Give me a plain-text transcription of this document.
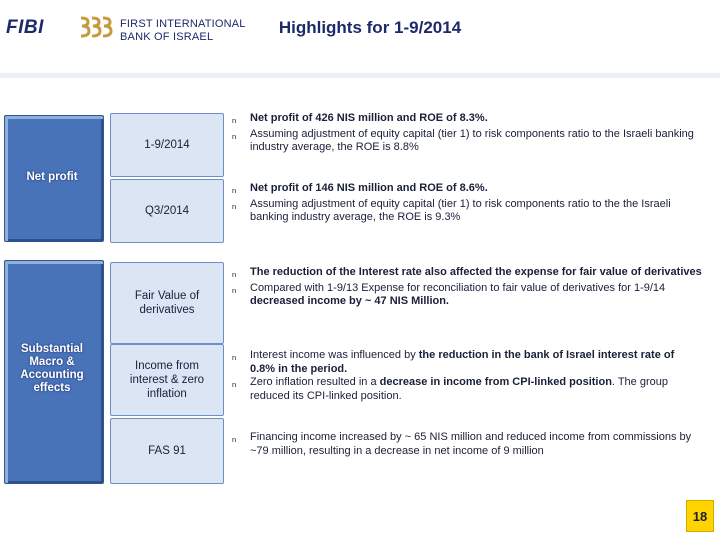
FIBI	FIRST INTERNATIONAL
BANK OF ISRAEL	Highlights for 1-9/2014
Net profit
1-9/2014
Q3/2014
n	Net profit of 426 NIS million and ROE of 8.3%.
n	Assuming adjustment of equity capital (tier 1) to risk components ratio to the Israeli banking industry average, the ROE is 8.8%
n	Net profit of 146 NIS million and ROE of 8.6%.
n	Assuming adjustment of equity capital (tier 1) to risk components ratio to the the Israeli banking industry average, the ROE is 9.3%
Substantial
Macro &
Accounting
effects
Fair Value of
derivatives
Income from
interest & zero
inflation
FAS 91
n	The reduction of the Interest rate also affected the expense for fair value of derivatives
n	Compared with 1-9/13 Expense for reconciliation to fair value of derivatives for 1-9/14 decreased income by ~ 47 NIS Million.
n	Interest income was influenced by the reduction in the bank of Israel interest rate of 0.8% in the period.
n	Zero inflation resulted in a decrease in income from CPI-linked position. The group reduced its CPI-linked position.
n	Financing income increased by ~ 65 NIS million and reduced income from commissions by ~79 million, resulting in a decrease in net income of 9 million
18
